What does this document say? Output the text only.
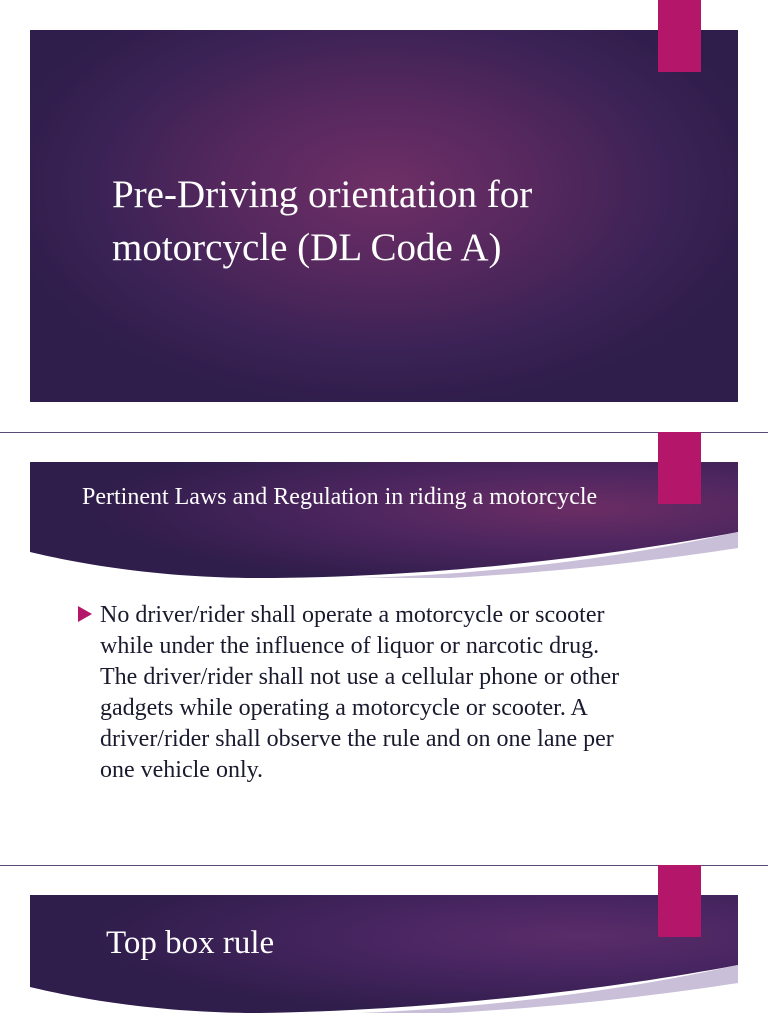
Pre-Driving orientation for motorcycle (DL Code A)
Pertinent Laws and Regulation in riding a motorcycle
No driver/rider shall operate a motorcycle or scooter while under the influence of liquor or narcotic drug. The driver/rider shall not use a cellular phone or other gadgets while operating a motorcycle or scooter. A driver/rider shall observe the rule and on one lane per one vehicle only.
Top box rule
